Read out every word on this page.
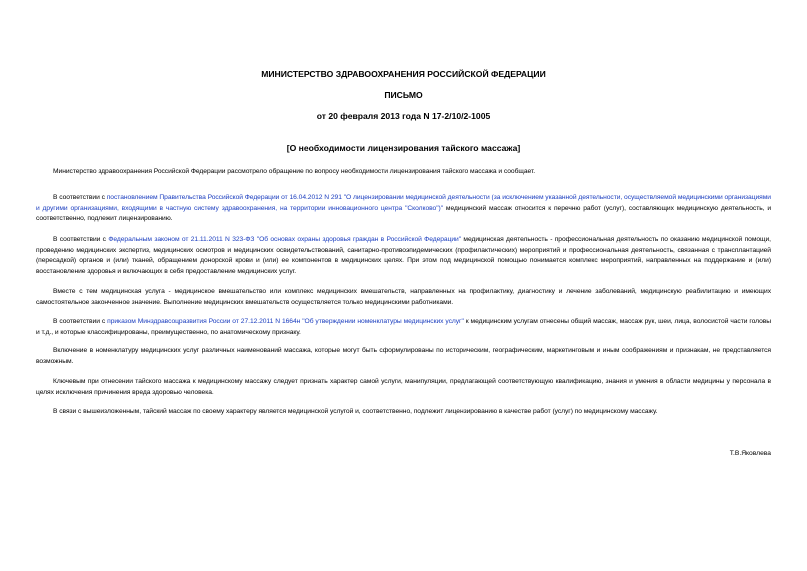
МИНИСТЕРСТВО ЗДРАВООХРАНЕНИЯ РОССИЙСКОЙ ФЕДЕРАЦИИ
ПИСЬМО
от 20 февраля 2013 года N 17-2/10/2-1005
[О необходимости лицензирования тайского массажа]
Министерство здравоохранения Российской Федерации рассмотрело обращение по вопросу необходимости лицензирования тайского массажа и сообщает.
В соответствии с постановлением Правительства Российской Федерации от 16.04.2012 N 291 "О лицензировании медицинской деятельности (за исключением указанной деятельности, осуществляемой медицинскими организациями и другими организациями, входящими в частную систему здравоохранения, на территории инновационного центра "Сколково")" медицинский массаж относится к перечню работ (услуг), составляющих медицинскую деятельность, и соответственно, подлежит лицензированию.
В соответствии с Федеральным законом от 21.11.2011 N 323-ФЗ "Об основах охраны здоровья граждан в Российской Федерации" медицинская деятельность - профессиональная деятельность по оказанию медицинской помощи, проведению медицинских экспертиз, медицинских осмотров и медицинских освидетельствований, санитарно-противоэпидемических (профилактических) мероприятий и профессиональная деятельность, связанная с трансплантацией (пересадкой) органов и (или) тканей, обращением донорской крови и (или) ее компонентов в медицинских целях. При этом под медицинской помощью понимается комплекс мероприятий, направленных на поддержание и (или) восстановление здоровья и включающих в себя предоставление медицинских услуг.
Вместе с тем медицинская услуга - медицинское вмешательство или комплекс медицинских вмешательств, направленных на профилактику, диагностику и лечение заболеваний, медицинскую реабилитацию и имеющих самостоятельное законченное значение. Выполнение медицинских вмешательств осуществляется только медицинскими работниками.
В соответствии с приказом Минздравсоцразвития России от 27.12.2011 N 1664н "Об утверждении номенклатуры медицинских услуг" к медицинским услугам отнесены общий массаж, массаж рук, шеи, лица, волосистой части головы и т.д., и которые классифицированы, преимущественно, по анатомическому признаку.
Включение в номенклатуру медицинских услуг различных наименований массажа, которые могут быть сформулированы по историческим, географическим, маркетинговым и иным соображениям и признакам, не представляется возможным.
Ключевым при отнесении тайского массажа к медицинскому массажу следует признать характер самой услуги, манипуляции, предлагающей соответствующую квалификацию, знания и умения в области медицины у персонала в целях исключения причинения вреда здоровью человека.
В связи с вышеизложенным, тайский массаж по своему характеру является медицинской услугой и, соответственно, подлежит лицензированию в качестве работ (услуг) по медицинскому массажу.
Т.В.Яковлева
